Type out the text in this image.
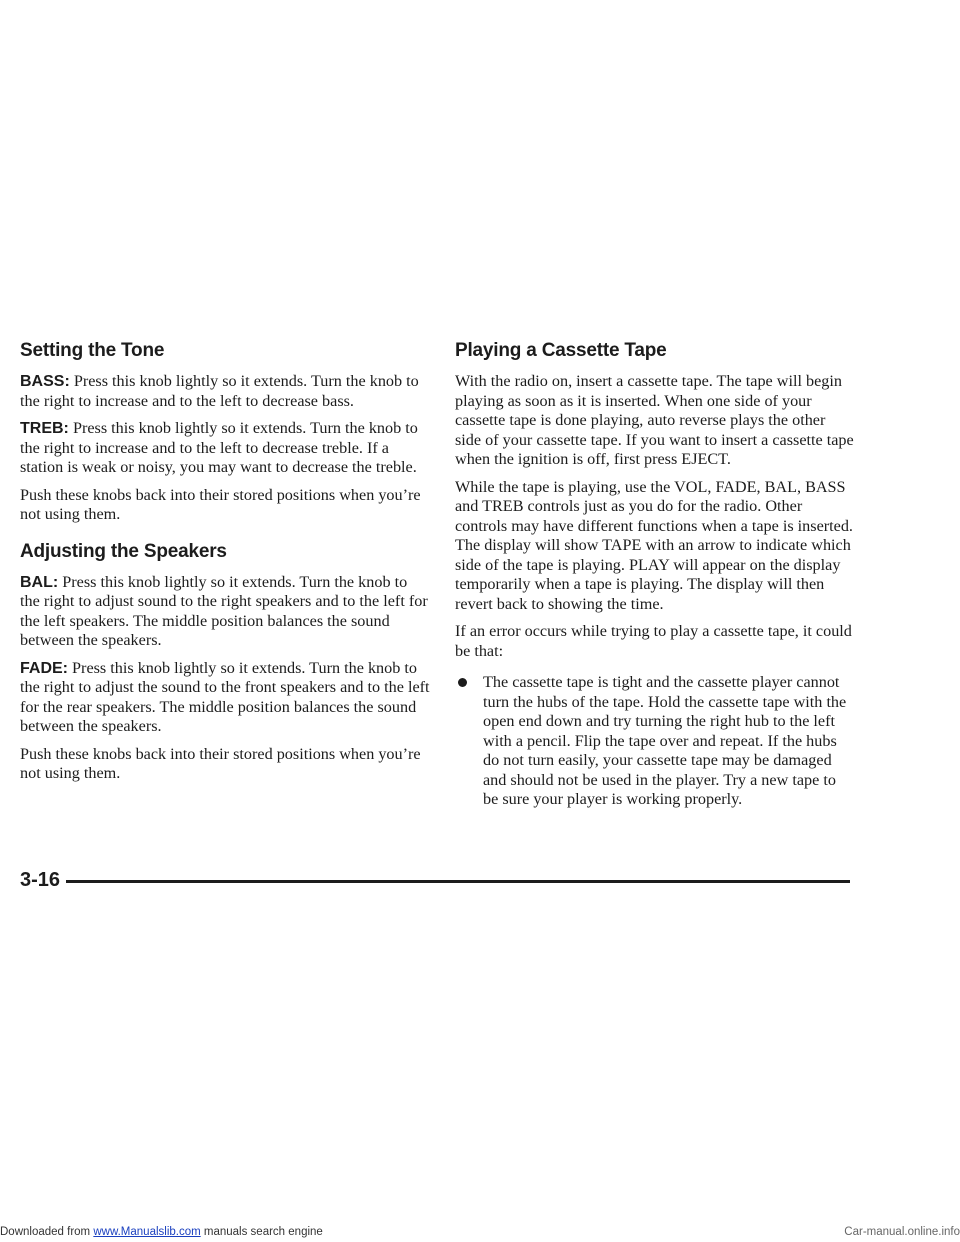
Setting the Tone

BASS: Press this knob lightly so it extends. Turn the knob to the right to increase and to the left to decrease bass.

TREB: Press this knob lightly so it extends. Turn the knob to the right to increase and to the left to decrease treble. If a station is weak or noisy, you may want to decrease the treble.

Push these knobs back into their stored positions when you’re not using them.

Adjusting the Speakers

BAL: Press this knob lightly so it extends. Turn the knob to the right to adjust sound to the right speakers and to the left for the left speakers. The middle position balances the sound between the speakers.

FADE: Press this knob lightly so it extends. Turn the knob to the right to adjust the sound to the front speakers and to the left for the rear speakers. The middle position balances the sound between the speakers.

Push these knobs back into their stored positions when you’re not using them.

Playing a Cassette Tape

With the radio on, insert a cassette tape. The tape will begin playing as soon as it is inserted. When one side of your cassette tape is done playing, auto reverse plays the other side of your cassette tape. If you want to insert a cassette tape when the ignition is off, first press EJECT.

While the tape is playing, use the VOL, FADE, BAL, BASS and TREB controls just as you do for the radio. Other controls may have different functions when a tape is inserted. The display will show TAPE with an arrow to indicate which side of the tape is playing. PLAY will appear on the display temporarily when a tape is playing. The display will then revert back to showing the time.

If an error occurs while trying to play a cassette tape, it could be that:

The cassette tape is tight and the cassette player cannot turn the hubs of the tape. Hold the cassette tape with the open end down and try turning the right hub to the left with a pencil. Flip the tape over and repeat. If the hubs do not turn easily, your cassette tape may be damaged and should not be used in the player. Try a new tape to be sure your player is working properly.
3-16
Downloaded from www.Manualslib.com manuals search engine	Car-manual.online.info
